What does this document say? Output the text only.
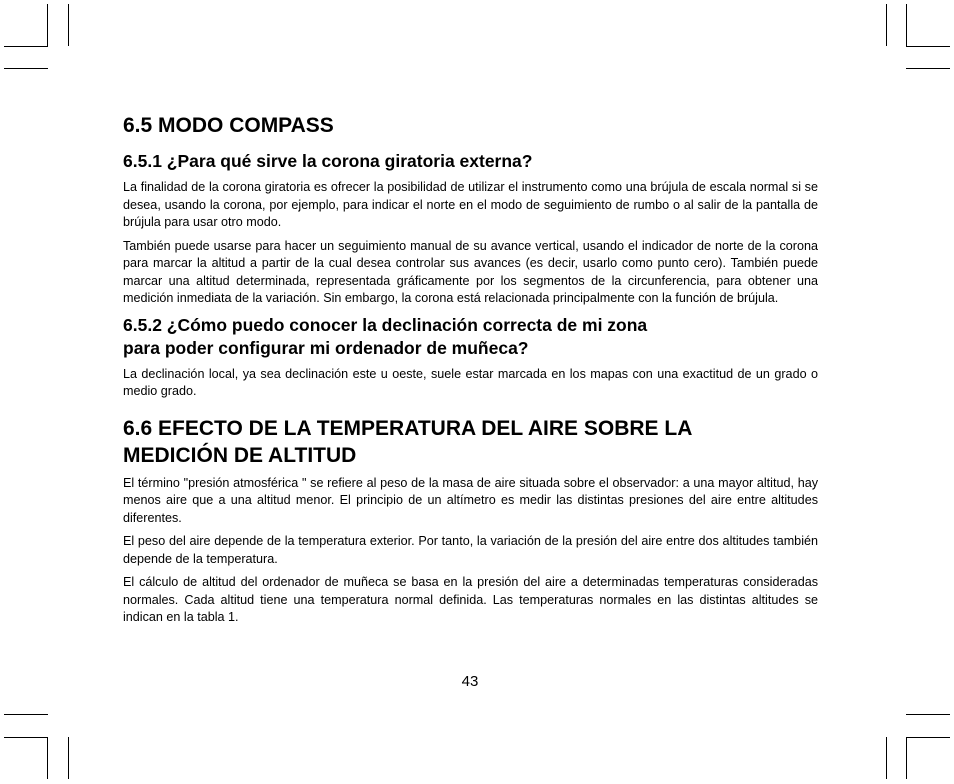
6.5 MODO COMPASS
6.5.1 ¿Para qué sirve la corona giratoria externa?

La finalidad de la corona giratoria es ofrecer la posibilidad de utilizar el instrumento como una brújula de escala normal si se desea, usando la corona, por ejemplo, para indicar el norte en el modo de seguimiento de rumbo o al salir de la pantalla de brújula para usar otro modo.

También puede usarse para hacer un seguimiento manual de su avance vertical, usando el indicador de norte de la corona para marcar la altitud a partir de la cual desea controlar sus avances (es decir, usarlo como punto cero). También puede marcar una altitud determinada, representada gráficamente por los segmentos de la circunferencia, para obtener una medición inmediata de la variación. Sin embargo, la corona está relacionada principalmente con la función de brújula.

6.5.2 ¿Cómo puedo conocer la declinación correcta de mi zona
para poder configurar mi ordenador de muñeca?

La declinación local, ya sea declinación este u oeste, suele estar marcada en los mapas con una exactitud de un grado o medio grado.

6.6 EFECTO DE LA TEMPERATURA DEL AIRE SOBRE LA
MEDICIÓN DE ALTITUD

El término "presión atmosférica " se refiere al peso de la masa de aire situada sobre el observador: a una mayor altitud, hay menos aire que a una altitud menor. El principio de un altímetro es medir las distintas presiones del aire entre altitudes diferentes.

El peso del aire depende de la temperatura exterior. Por tanto, la variación de la presión del aire entre dos altitudes también depende de la temperatura.

El cálculo de altitud del ordenador de muñeca se basa en la presión del aire a determinadas temperaturas consideradas normales. Cada altitud tiene una temperatura normal definida. Las temperaturas normales en las distintas altitudes se indican en la tabla 1.

43
